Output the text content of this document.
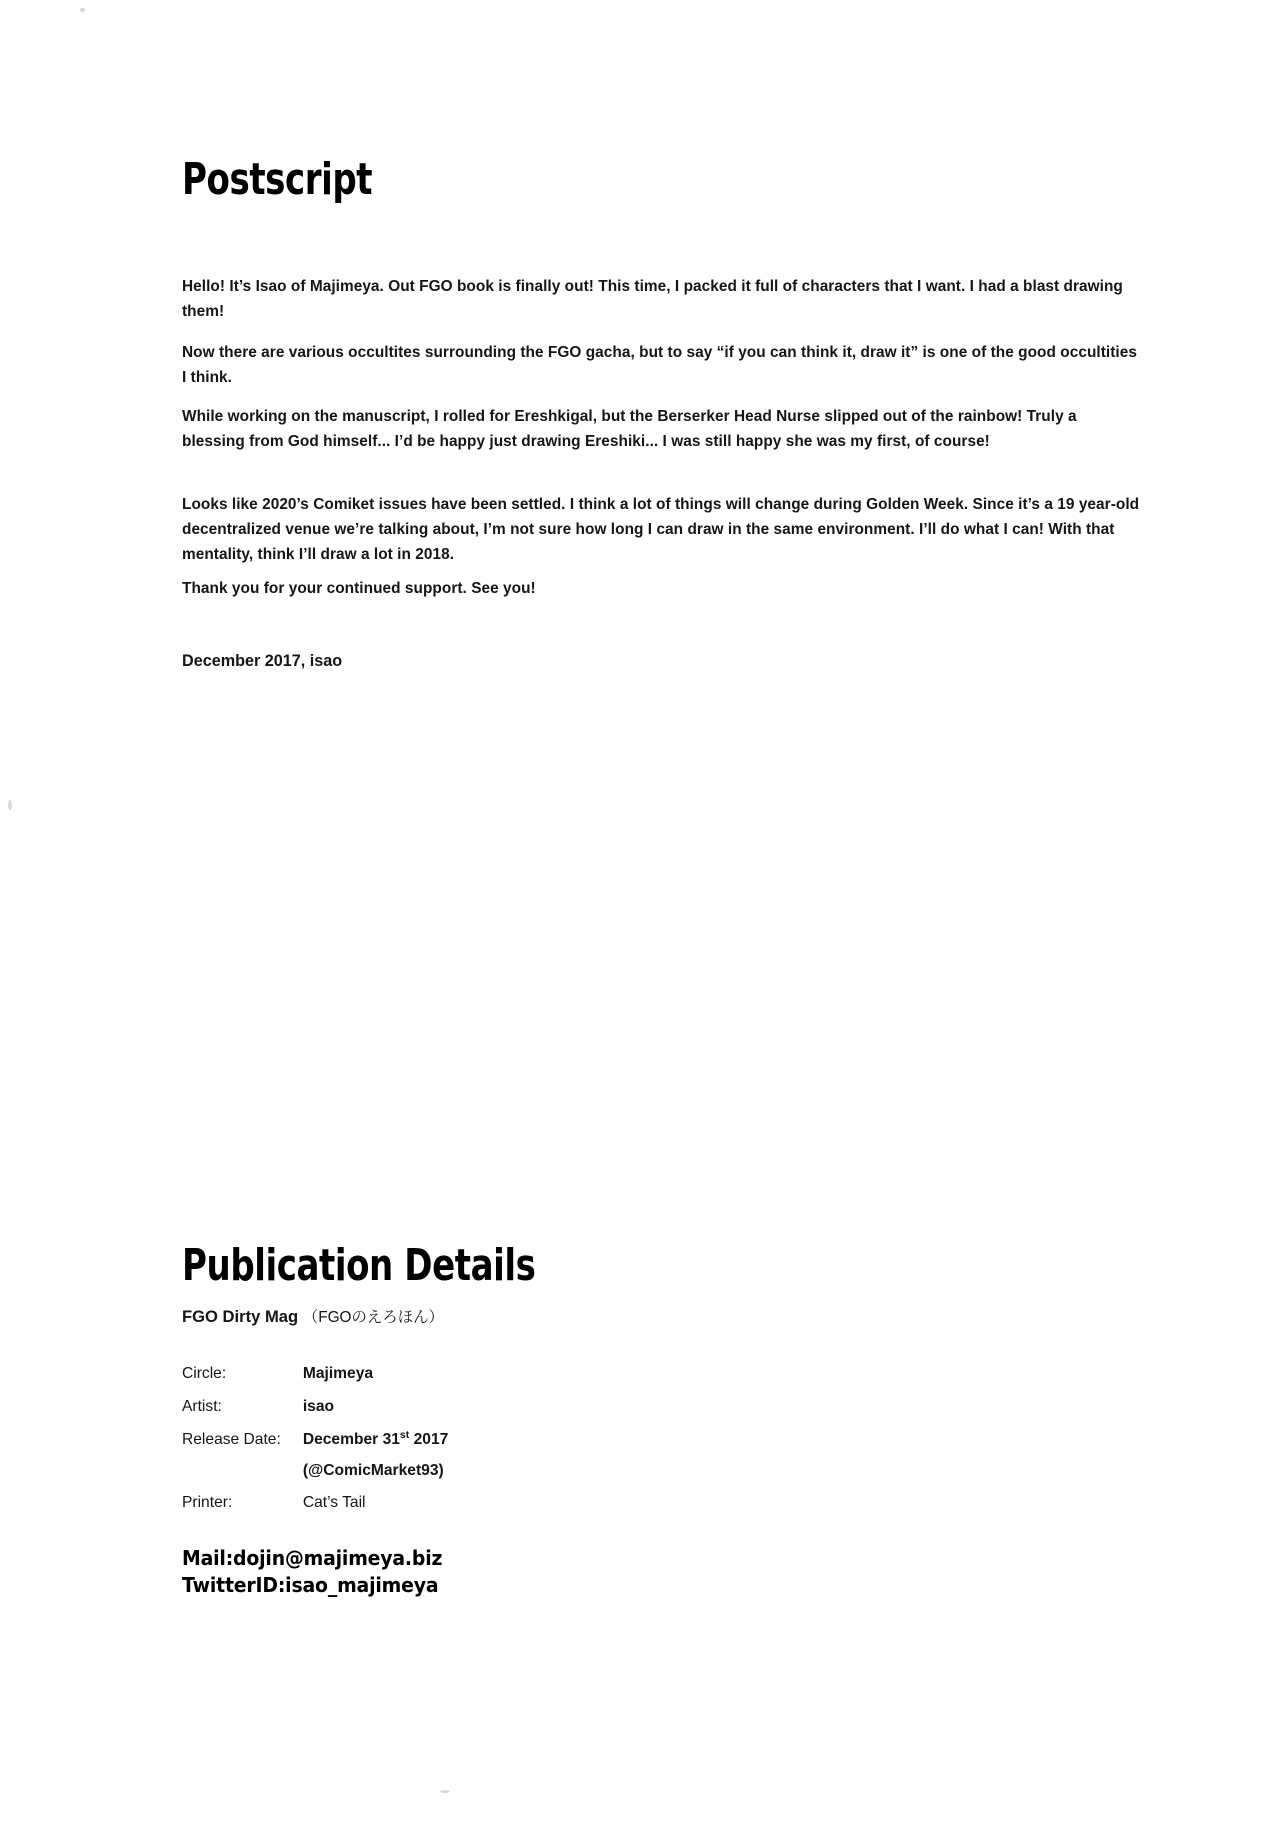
Postscript

Hello! It’s Isao of Majimeya. Out FGO book is finally out! This time, I packed it full of characters that I want. I had a blast drawing them!

Now there are various occultites surrounding the FGO gacha, but to say “if you can think it, draw it” is one of the good occultities I think.

While working on the manuscript, I rolled for Ereshkigal, but the Berserker Head Nurse slipped out of the rainbow! Truly a blessing from God himself... I’d be happy just drawing Ereshiki... I was still happy she was my first, of course!

Looks like 2020’s Comiket issues have been settled. I think a lot of things will change during Golden Week. Since it’s a 19 year-old decentralized venue we’re talking about, I’m not sure how long I can draw in the same environment. I’ll do what I can! With that mentality, think I’ll draw a lot in 2018.

Thank you for your continued support. See you!

December 2017, isao
Publication Details
FGO Dirty Mag （FGOのえろほん）
Circle:	Majimeya
Artist:	isao
Release Date:	December 31st 2017
(@ComicMarket93)

Printer:	Cat’s Tail
Mail:dojin@majimeya.biz
TwitterID:isao_majimeya
